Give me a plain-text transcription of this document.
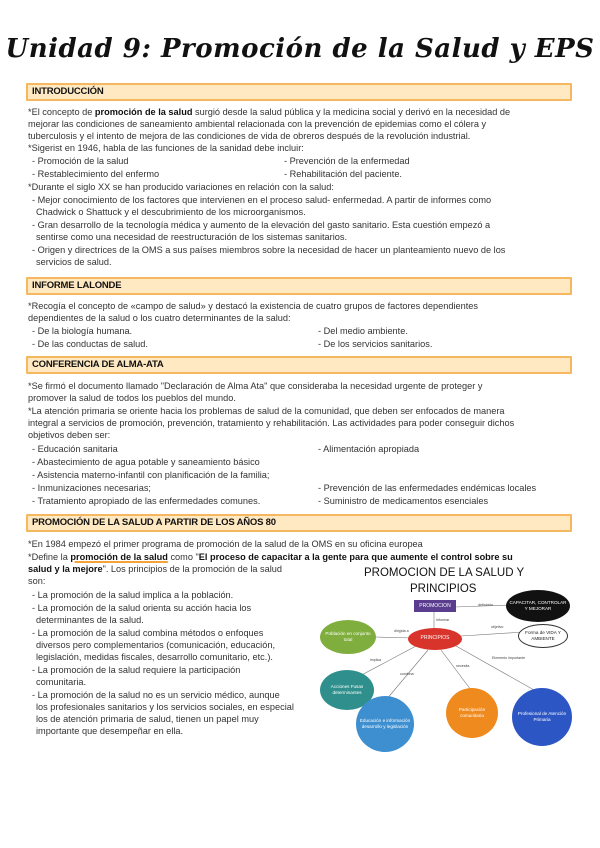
Unidad 9: Promoción de la Salud y EPS
INTRODUCCIÓN
*El concepto de promoción de la salud surgió desde la salud pública y la medicina social y derivó en la necesidad de
mejorar las condiciones de saneamiento ambiental relacionada con la prevención de epidemias como el cólera y
tuberculosis y el intento de mejora de las condiciones de vida de obreros después de la revolución industrial.
*Sigerist en 1946, habla de las funciones de la sanidad debe incluir:
- Promoción de la salud	- Prevención de la enfermedad
- Restablecimiento del enfermo	- Rehabilitación del paciente.
*Durante el siglo XX se han producido variaciones en relación con la salud:
- Mejor conocimiento de los factores que intervienen en el proceso salud- enfermedad. A partir de informes como
Chadwick o Shattuck y el descubrimiento de los microorganismos.
- Gran desarrollo de la tecnología médica y aumento de la elevación del gasto sanitario. Esta cuestión empezó a
sentirse como una necesidad de reestructuración de los sistemas sanitarios.
- Origen y directrices de la OMS a sus países miembros sobre la necesidad de hacer un planteamiento nuevo de los
servicios de salud.
INFORME LALONDE
*Recogía el concepto de «campo de salud» y destacó la existencia de cuatro grupos de factores dependientes
dependientes de la salud o los cuatro determinantes de la salud:
- De la biología humana.	- Del medio ambiente.
- De las conductas de salud.	- De los servicios sanitarios.
CONFERENCIA DE ALMA-ATA
*Se firmó el documento llamado "Declaración de Alma Ata" que consideraba la necesidad urgente de proteger y
promover la salud de todos los pueblos del mundo.
*La atención primaria se oriente hacia los problemas de salud de la comunidad, que deben ser enfocados de manera
integral a servicios de promoción, prevención, tratamiento y rehabilitación. Las actividades para poder conseguir dichos
objetivos deben ser:
- Educación sanitaria	- Alimentación apropiada
- Abastecimiento de agua potable y saneamiento básico
- Asistencia materno-infantil con planificación de la familia;
- Inmunizaciones necesarias;	- Prevención de las enfermedades endémicas locales
- Tratamiento apropiado de las enfermedades comunes.	- Suministro de medicamentos esenciales
PROMOCIÓN DE LA SALUD A PARTIR DE LOS AÑOS 80
*En 1984 empezó el primer programa de promoción de la salud de la OMS en su oficina europea
*Define la promoción de la salud como "El proceso de capacitar a la gente para que aumente el control sobre su
salud y la mejore". Los principios de la promoción de la salud
son:
- La promoción de la salud implica a la población.
- La promoción de la salud orienta su acción hacia los
determinantes de la salud.
- La promoción de la salud combina métodos o enfoques
diversos pero complementarios (comunicación, educación,
legislación, medidas fiscales, desarrollo comunitario, etc.).
- La promoción de la salud requiere la participación
comunitaria.
- La promoción de la salud no es un servicio médico, aunque
los profesionales sanitarios y los servicios sociales, en especial
los de atención primaria de salud, tienen un papel muy
importante que desempeñar en ella.
PROMOCION DE LA SALUD Y
PRINCIPIOS
PROMOCION
CAPACITAR, CONTROLAR Y MEJORAR
Forma de VIDA Y AMBIENTE
Población en conjunto total	PRINCIPIOS
Acciones Fusas determinantes
Educación e información desarrollo y legislación
Participación comunitaria	Profesional de Atención Primaria
definición
Informar
dirigida a
objetivo
implica
combina
necesita
Elemento importante
